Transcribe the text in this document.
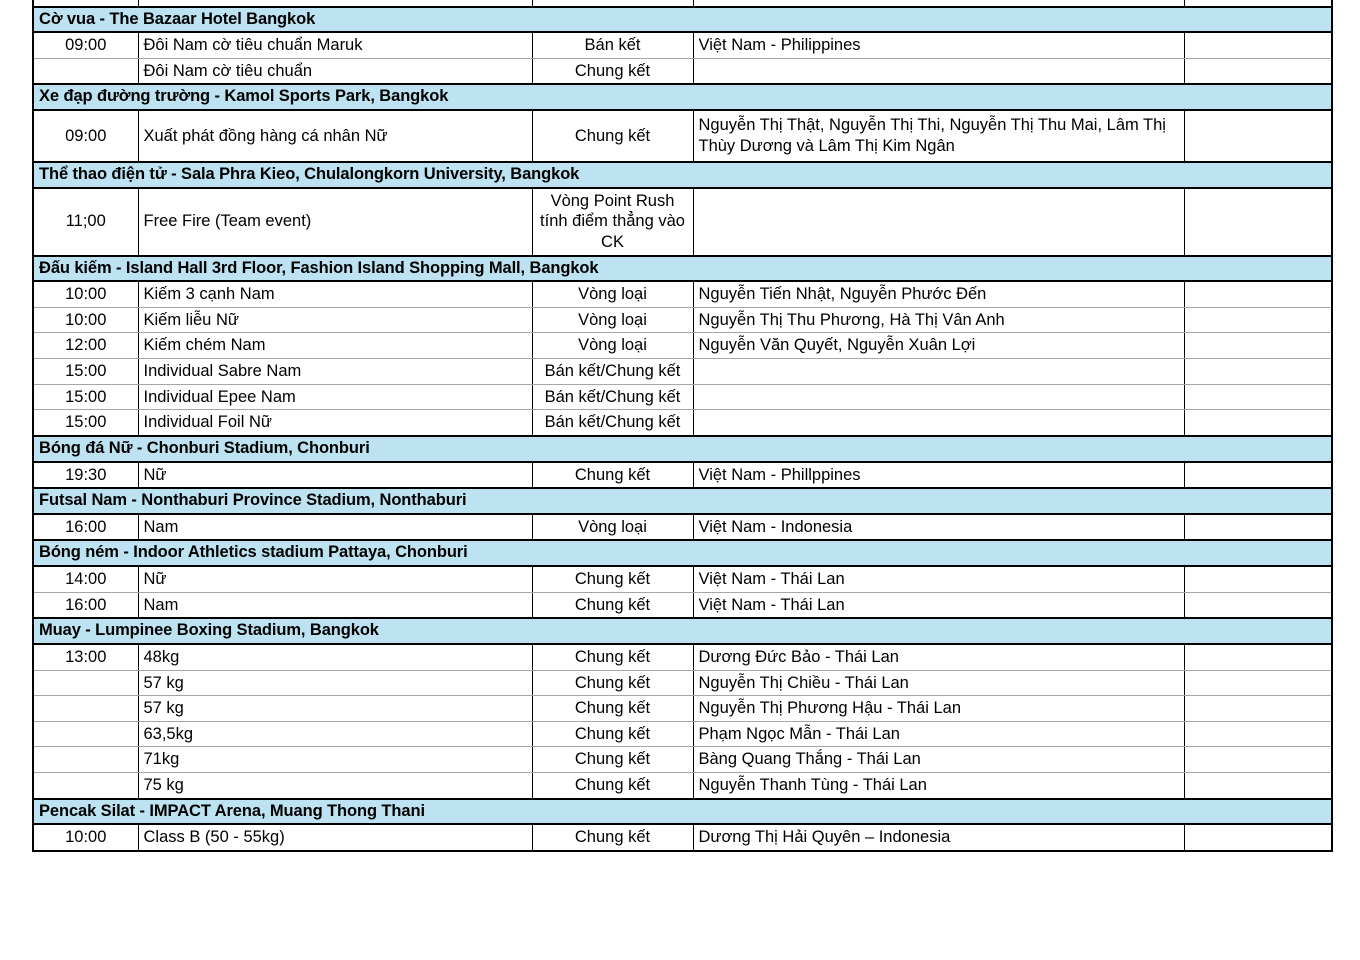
Cờ vua - The Bazaar Hotel Bangkok				
09:00	Đôi Nam cờ tiêu chuẩn Maruk	Bán kết	Việt Nam - Philippines	
	Đôi Nam cờ tiêu chuẩn	Chung kết		
Xe đạp đường trường - Kamol Sports Park, Bangkok				
09:00	Xuất phát đồng hàng cá nhân Nữ	Chung kết	Nguyễn Thị Thật, Nguyễn Thị Thi, Nguyễn Thị Thu Mai, Lâm Thị Thùy Dương và Lâm Thị Kim Ngân	
Thể thao điện tử - Sala Phra Kieo, Chulalongkorn University, Bangkok				
11;00	Free Fire (Team event)	Vòng Point Rush tính điểm thẳng vào CK		
Đấu kiếm - Island Hall 3rd Floor, Fashion Island Shopping Mall, Bangkok				
10:00	Kiếm 3 cạnh Nam	Vòng loại	Nguyễn Tiến Nhật, Nguyễn Phước Đến	
10:00	Kiếm liễu Nữ	Vòng loại	Nguyễn Thị Thu Phương, Hà Thị Vân Anh	
12:00	Kiếm chém Nam	Vòng loại	Nguyễn Văn Quyết, Nguyễn Xuân Lợi	
15:00	Individual Sabre Nam	Bán kết/Chung kết		
15:00	Individual Epee Nam	Bán kết/Chung kết		
15:00	Individual Foil Nữ	Bán kết/Chung kết		
Bóng đá Nữ - Chonburi Stadium, Chonburi				
19:30	Nữ	Chung kết	Việt Nam - Phillppines	
Futsal Nam - Nonthaburi Province Stadium, Nonthaburi				
16:00	Nam	Vòng loại	Việt Nam - Indonesia	
Bóng ném - Indoor Athletics stadium Pattaya, Chonburi				
14:00	Nữ	Chung kết	Việt Nam - Thái Lan	
16:00	Nam	Chung kết	Việt Nam - Thái Lan	
Muay - Lumpinee Boxing Stadium, Bangkok				
13:00	48kg	Chung kết	Dương Đức Bảo - Thái Lan	
	57 kg	Chung kết	Nguyễn Thị Chiều - Thái Lan	
	57 kg	Chung kết	Nguyễn Thị Phương Hậu - Thái Lan	
	63,5kg	Chung kết	Phạm Ngọc Mẫn - Thái Lan	
	71kg	Chung kết	Bàng Quang Thắng - Thái Lan	
	75 kg	Chung kết	Nguyễn Thanh Tùng - Thái Lan	
Pencak Silat - IMPACT Arena, Muang Thong Thani				
10:00	Class B (50 - 55kg)	Chung kết	Dương Thị Hải Quyên – Indonesia	
